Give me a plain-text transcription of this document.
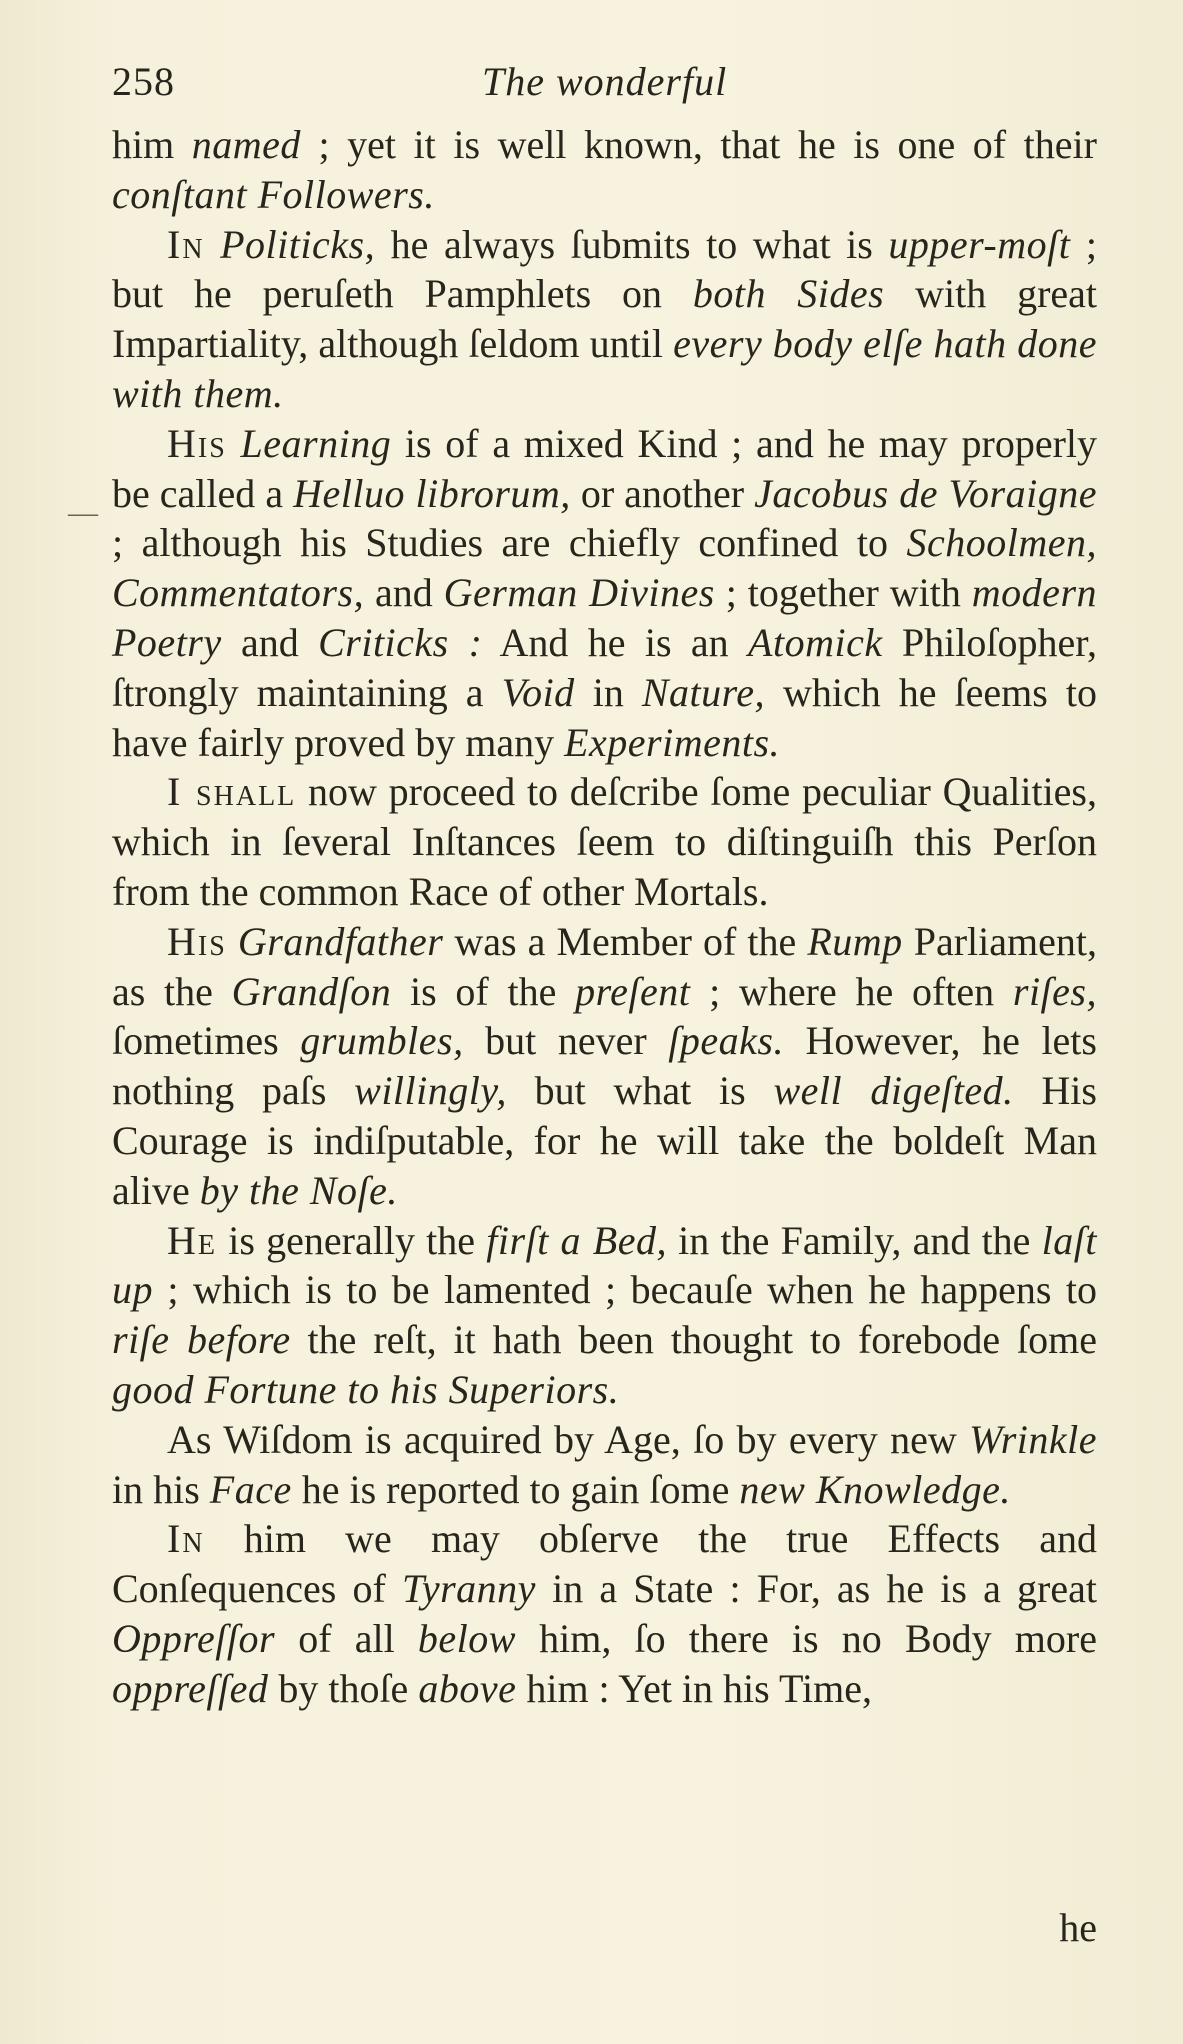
258	The wonderful
—

him named ; yet it is well known, that he is one of their conſtant Followers.

In Politicks, he always ſubmits to what is upper-moſt ; but he peruſeth Pamphlets on both Sides with great Impartiality, although ſeldom until every body elſe hath done with them.

His Learning is of a mixed Kind ; and he may properly be called a Helluo librorum, or another Jacobus de Voraigne ; although his Studies are chiefly confined to Schoolmen, Commentators, and German Divines ; together with modern Poetry and Criticks : And he is an Atomick Philoſopher, ſtrongly maintaining a Void in Nature, which he ſeems to have fairly proved by many Experiments.

I shall now proceed to deſcribe ſome peculiar Qualities, which in ſeveral Inſtances ſeem to diſtinguiſh this Perſon from the common Race of other Mortals.

His Grandfather was a Member of the Rump Parliament, as the Grandſon is of the preſent ; where he often riſes, ſometimes grumbles, but never ſpeaks. However, he lets nothing paſs willingly, but what is well digeſted. His Courage is indiſputable, for he will take the boldeſt Man alive by the Noſe.

He is generally the firſt a Bed, in the Family, and the laſt up ; which is to be lamented ; becauſe when he happens to riſe before the reſt, it hath been thought to forebode ſome good Fortune to his Superiors.

As Wiſdom is acquired by Age, ſo by every new Wrinkle in his Face he is reported to gain ſome new Knowledge.

In him we may obſerve the true Effects and Conſequences of Tyranny in a State : For, as he is a great Oppreſſor of all below him, ſo there is no Body more oppreſſed by thoſe above him : Yet in his Time,

he
